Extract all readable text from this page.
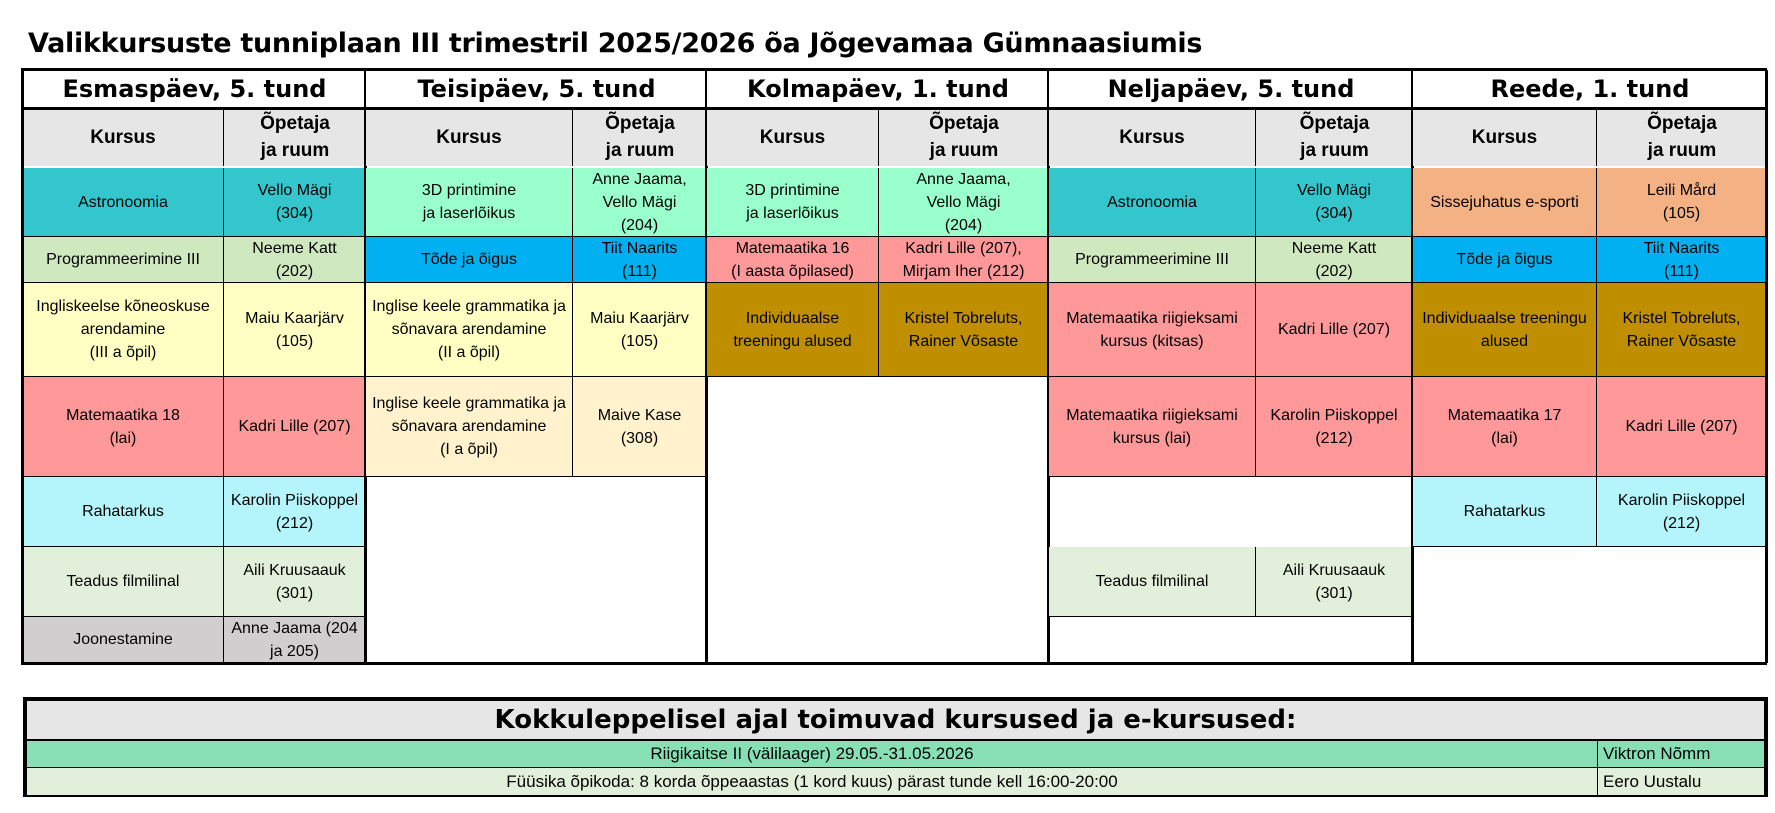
Valikkursuste tunniplaan III trimestril 2025/2026 õa Jõgevamaa Gümnaasiumis
Esmaspäev, 5. tund
Kursus
Õpetaja
ja ruum
Astronoomia
Vello Mägi
(304)
Programmeerimine III
Neeme Katt
(202)
Ingliskeelse kõneoskuse
arendamine
(III a õpil)
Maiu Kaarjärv
(105)
Matemaatika 18
(lai)
Kadri Lille (207)
Rahatarkus
Karolin Piiskoppel
(212)
Teadus filmilinal
Aili Kruusaauk
(301)
Joonestamine
Anne Jaama (204
ja 205)
Teisipäev, 5. tund
Kursus
Õpetaja
ja ruum
3D printimine
ja laserlõikus
Anne Jaama,
Vello Mägi
(204)
Tõde ja õigus
Tiit Naarits
(111)
Inglise keele grammatika ja
sõnavara arendamine
(II a õpil)
Maiu Kaarjärv
(105)
Inglise keele grammatika ja
sõnavara arendamine
(I a õpil)
Maive Kase
(308)
Kolmapäev, 1. tund
Kursus
Õpetaja
ja ruum
3D printimine
ja laserlõikus
Anne Jaama,
Vello Mägi
(204)
Matemaatika 16
(I aasta õpilased)
Kadri Lille (207),
Mirjam Iher (212)
Individuaalse
treeningu alused
Kristel Tobreluts,
Rainer Võsaste
Neljapäev, 5. tund
Kursus
Õpetaja
ja ruum
Astronoomia
Vello Mägi
(304)
Programmeerimine III
Neeme Katt
(202)
Matemaatika riigieksami
kursus (kitsas)
Kadri Lille (207)
Matemaatika riigieksami
kursus (lai)
Karolin Piiskoppel
(212)
Teadus filmilinal
Aili Kruusaauk
(301)
Reede, 1. tund
Kursus
Õpetaja
ja ruum
Sissejuhatus e-sporti
Leili Mård
(105)
Tõde ja õigus
Tiit Naarits
(111)
Individuaalse treeningu
alused
Kristel Tobreluts,
Rainer Võsaste
Matemaatika 17
(lai)
Kadri Lille (207)
Rahatarkus
Karolin Piiskoppel
(212)
Kokkuleppelisel ajal toimuvad kursused ja e-kursused:
Riigikaitse II (välilaager) 29.05.-31.05.2026	Viktron Nõmm
Füüsika õpikoda: 8 korda õppeaastas (1 kord kuus) pärast tunde kell 16:00-20:00	Eero Uustalu
